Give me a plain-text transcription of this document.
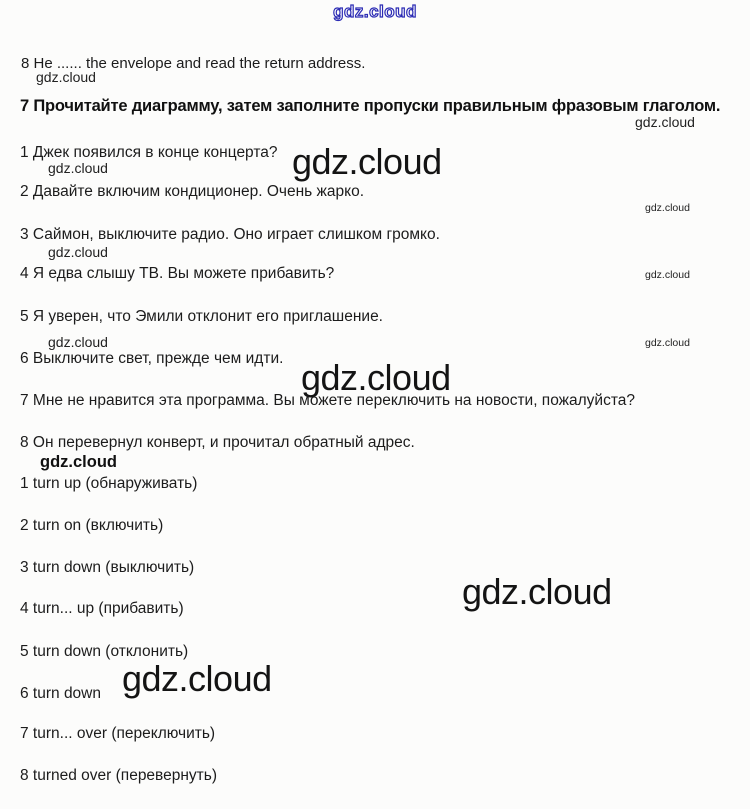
gdz.cloud
8 He ...... the envelope and read the return address.
gdz.cloud
7 Прочитайте диаграмму, затем заполните пропуски правильным фразовым глаголом.
gdz.cloud
1 Джек появился в конце концерта? gdz.cloud
gdz.cloud
2 Давайте включим кондиционер. Очень жарко.
gdz.cloud
3 Саймон, выключите радио. Оно играет слишком громко.
gdz.cloud
4 Я едва слышу ТВ. Вы можете прибавить?	gdz.cloud
5 Я уверен, что Эмили отклонит его приглашение.
gdz.cloud	gdz.cloud
6 Выключите свет, прежде чем идти. gdz.cloud
7 Мне не нравится эта программа. Вы можете переключить на новости, пожалуйста?
8 Он перевернул конверт, и прочитал обратный адрес.
gdz.cloud
1 turn up (обнаруживать)
2 turn on (включить)
3 turn down (выключить)
gdz.cloud
4 turn... up (прибавить)
5 turn down (отклонить)
gdz.cloud
6 turn down
7 turn... over (переключить)
8 turned over (перевернуть)
